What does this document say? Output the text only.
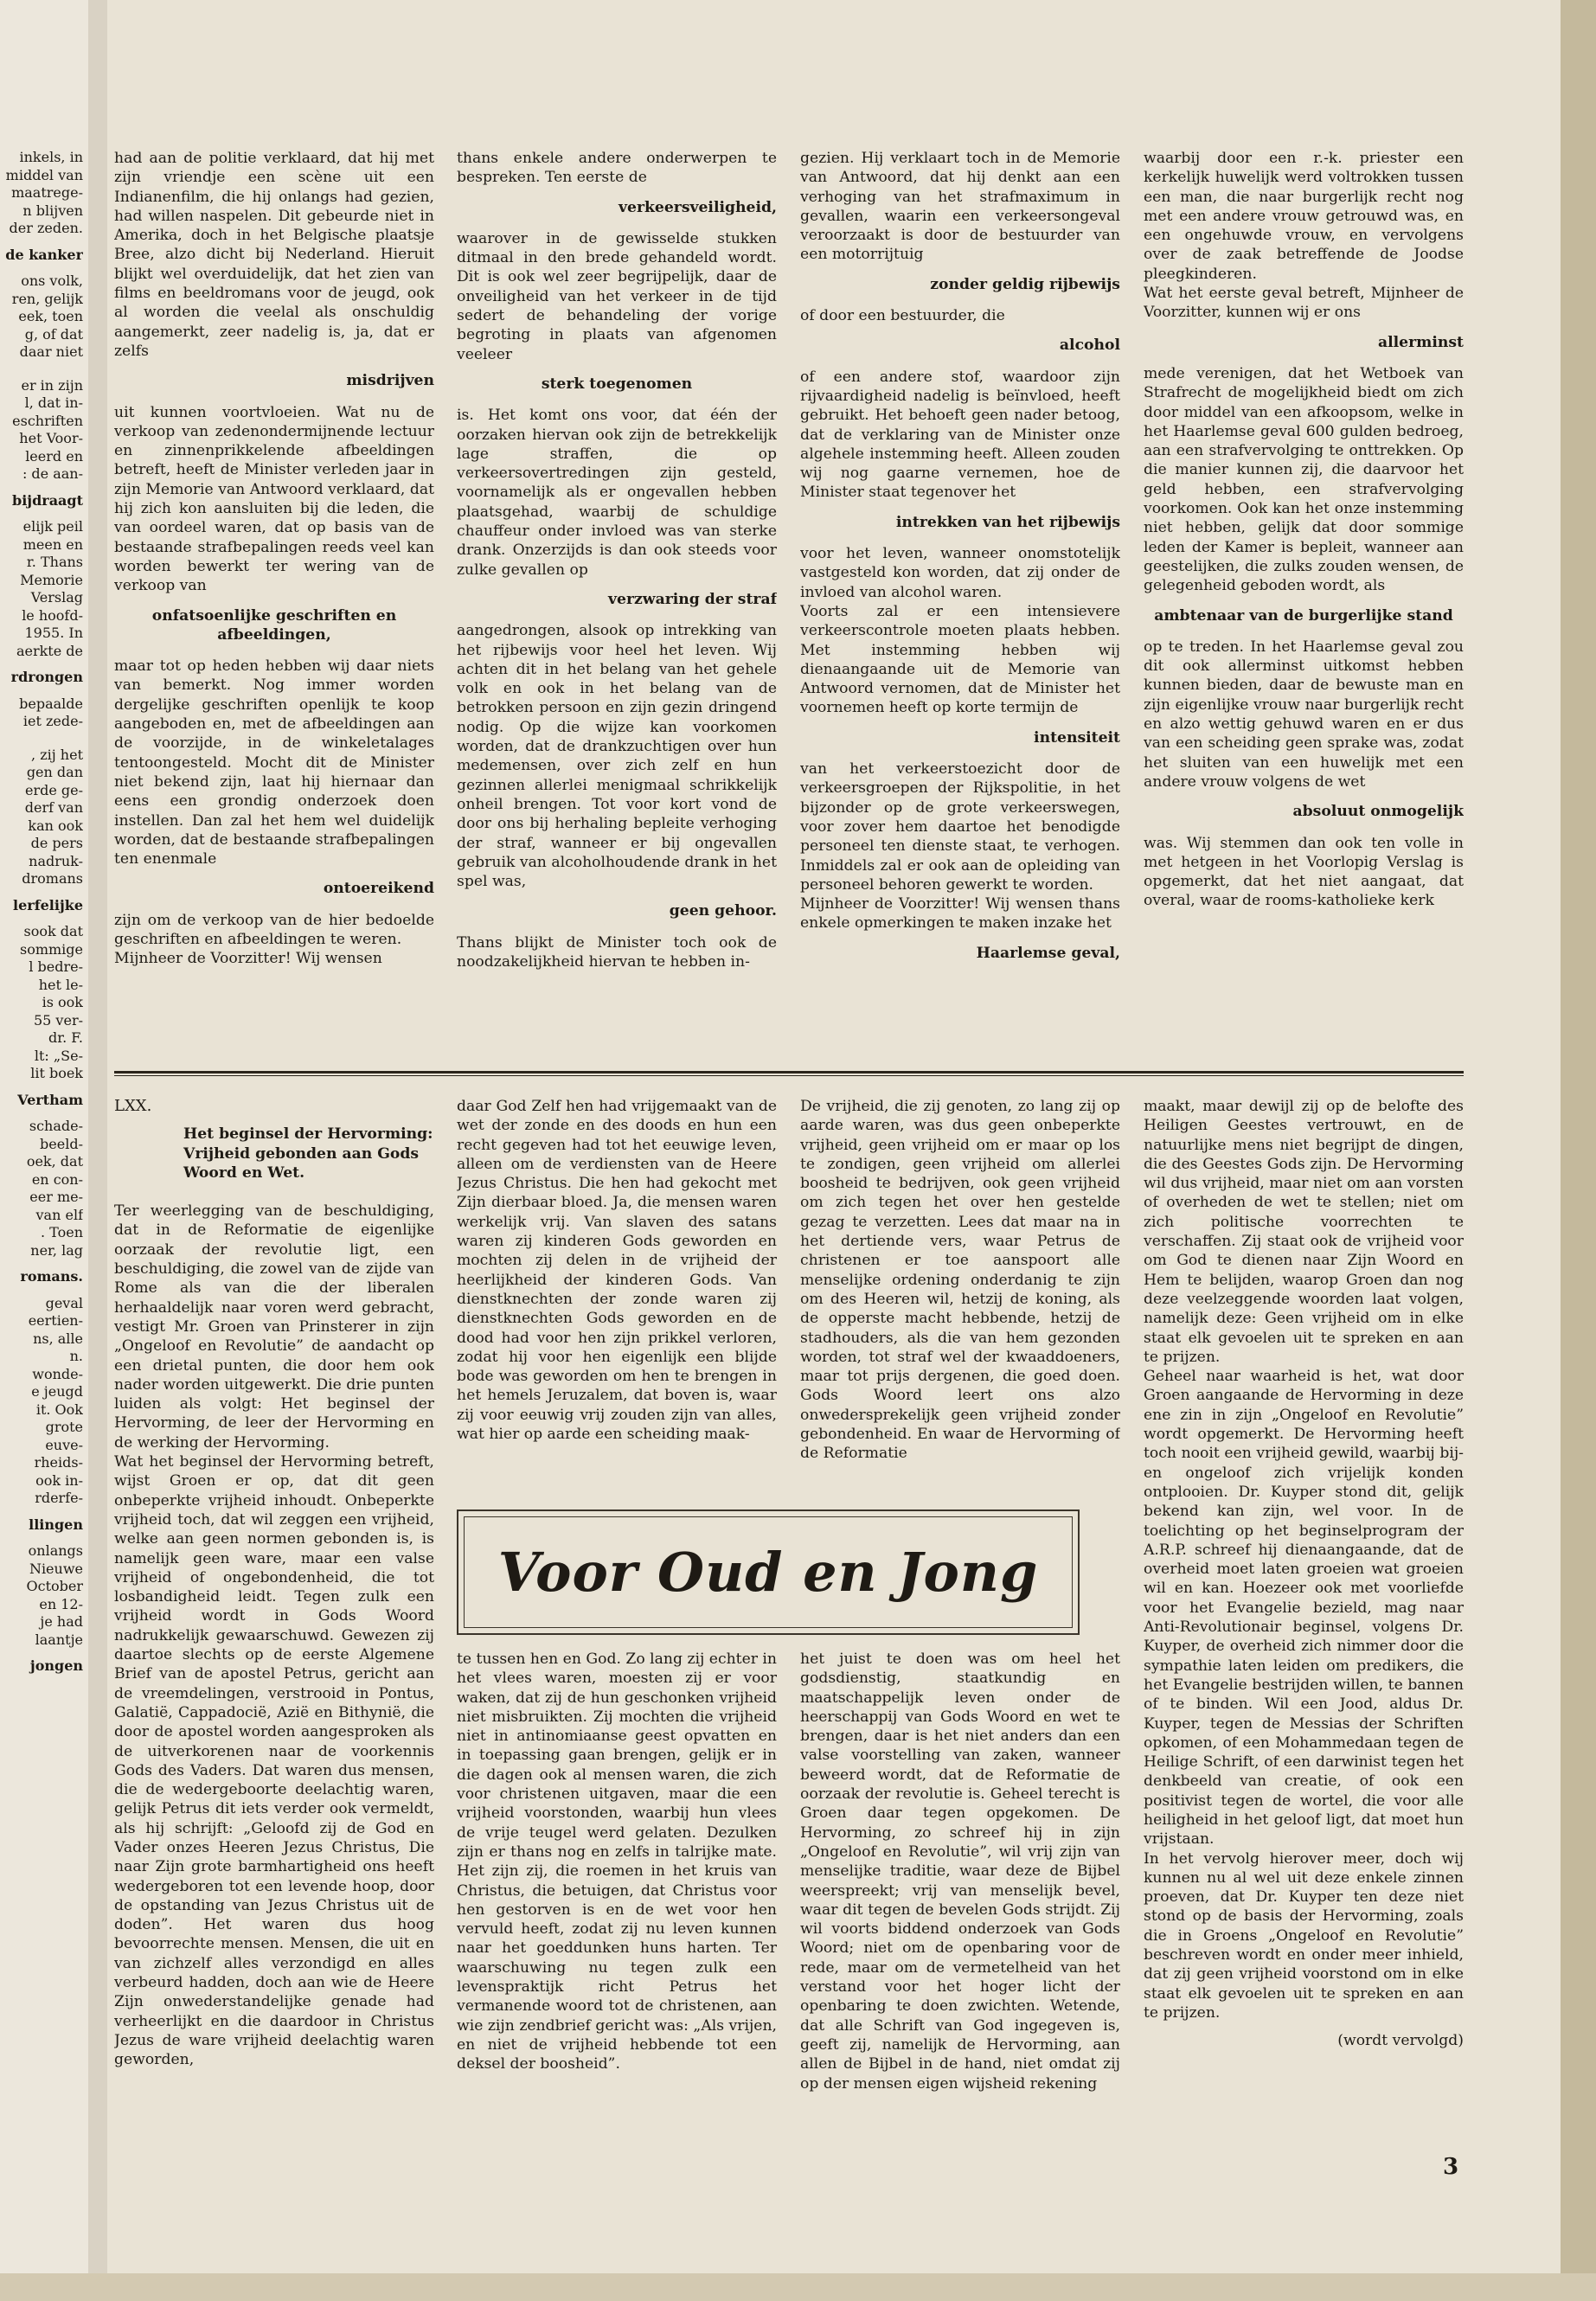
inkels, in

middel van

maatrege-

n blijven

der zeden.

de kanker

ons volk,

ren, gelijk

eek, toen

g, of dat

daar niet

er in zijn

l, dat in-

eschriften

het Voor-

leerd en

: de aan-

bijdraagt

elijk peil

meen en

r. Thans

Memorie

Verslag

le hoofd-

1955. In

aerkte de

rdrongen

bepaalde

iet zede-

, zij het

gen dan

erde ge-

derf van

kan ook

de pers

nadruk-

dromans

lerfelijke

sook dat

sommige

l bedre-

het le-

is ook

55 ver-

dr. F.

lt: „Se-

lit boek

Vertham

schade-

beeld-

oek, dat

en con-

eer me-

van elf

. Toen

ner, lag

romans.

geval

eertien-

ns, alle

n.

wonde-

e jeugd

it. Ook

grote

euve-

rheids-

ook in-

rderfe-

llingen

onlangs

Nieuwe

October

en 12-

je had

laantje

jongen

had aan de politie verklaard, dat hij met zijn vriendje een scène uit een Indianenfilm, die hij onlangs had gezien, had willen naspelen. Dit gebeurde niet in Amerika, doch in het Belgische plaatsje Bree, alzo dicht bij Nederland. Hieruit blijkt wel overduidelijk, dat het zien van films en beeldromans voor de jeugd, ook al worden die veelal als onschuldig aangemerkt, zeer nadelig is, ja, dat er zelfs

misdrijven

uit kunnen voortvloeien. Wat nu de verkoop van zedenondermijnende lectuur en zinnenprikkelende afbeeldingen betreft, heeft de Minister verleden jaar in zijn Memorie van Antwoord verklaard, dat hij zich kon aansluiten bij die leden, die van oordeel waren, dat op basis van de bestaande strafbepalingen reeds veel kan worden bewerkt ter wering van de verkoop van

onfatsoenlijke geschriften en afbeeldingen,

maar tot op heden hebben wij daar niets van bemerkt. Nog immer worden dergelijke geschriften openlijk te koop aangeboden en, met de afbeeldingen aan de voorzijde, in de winkeletalages tentoongesteld. Mocht dit de Minister niet bekend zijn, laat hij hiernaar dan eens een grondig onderzoek doen instellen. Dan zal het hem wel duidelijk worden, dat de bestaande strafbepalingen ten enenmale

ontoereikend

zijn om de verkoop van de hier bedoelde geschriften en afbeeldingen te weren.

Mijnheer de Voorzitter! Wij wensen

thans enkele andere onderwerpen te bespreken. Ten eerste de

verkeersveiligheid,

waarover in de gewisselde stukken ditmaal in den brede gehandeld wordt. Dit is ook wel zeer begrijpelijk, daar de onveiligheid van het verkeer in de tijd sedert de behandeling der vorige begroting in plaats van afgenomen veeleer

sterk toegenomen

is. Het komt ons voor, dat één der oorzaken hiervan ook zijn de betrekkelijk lage straffen, die op verkeersovertredingen zijn gesteld, voornamelijk als er ongevallen hebben plaatsgehad, waarbij de schuldige chauffeur onder invloed was van sterke drank. Onzerzijds is dan ook steeds voor zulke gevallen op

verzwaring der straf

aangedrongen, alsook op intrekking van het rijbewijs voor heel het leven. Wij achten dit in het belang van het gehele volk en ook in het belang van de betrokken persoon en zijn gezin dringend nodig. Op die wijze kan voorkomen worden, dat de drankzuchtigen over hun medemensen, over zich zelf en hun gezinnen allerlei menigmaal schrikkelijk onheil brengen. Tot voor kort vond de door ons bij herhaling bepleite verhoging der straf, wanneer er bij ongevallen gebruik van alcoholhoudende drank in het spel was,

geen gehoor.

Thans blijkt de Minister toch ook de noodzakelijkheid hiervan te hebben in-

gezien. Hij verklaart toch in de Memorie van Antwoord, dat hij denkt aan een verhoging van het strafmaximum in gevallen, waarin een verkeersongeval veroorzaakt is door de bestuurder van een motorrijtuig

zonder geldig rijbewijs

of door een bestuurder, die

alcohol

of een andere stof, waardoor zijn rijvaardigheid nadelig is beïnvloed, heeft gebruikt. Het behoeft geen nader betoog, dat de verklaring van de Minister onze algehele instemming heeft. Alleen zouden wij nog gaarne vernemen, hoe de Minister staat tegenover het

intrekken van het rijbewijs

voor het leven, wanneer onomstotelijk vastgesteld kon worden, dat zij onder de invloed van alcohol waren.

Voorts zal er een intensievere verkeerscontrole moeten plaats hebben. Met instemming hebben wij dienaangaande uit de Memorie van Antwoord vernomen, dat de Minister het voornemen heeft op korte termijn de

intensiteit

van het verkeerstoezicht door de verkeersgroepen der Rijkspolitie, in het bijzonder op de grote verkeerswegen, voor zover hem daartoe het benodigde personeel ten dienste staat, te verhogen. Inmiddels zal er ook aan de opleiding van personeel behoren gewerkt te worden.

Mijnheer de Voorzitter! Wij wensen thans enkele opmerkingen te maken inzake het

Haarlemse geval,

waarbij door een r.-k. priester een kerkelijk huwelijk werd voltrokken tussen een man, die naar burgerlijk recht nog met een andere vrouw getrouwd was, en een ongehuwde vrouw, en vervolgens over de zaak betreffende de Joodse pleegkinderen.

Wat het eerste geval betreft, Mijnheer de Voorzitter, kunnen wij er ons

allerminst

mede verenigen, dat het Wetboek van Strafrecht de mogelijkheid biedt om zich door middel van een afkoopsom, welke in het Haarlemse geval 600 gulden bedroeg, aan een strafvervolging te onttrekken. Op die manier kunnen zij, die daarvoor het geld hebben, een strafvervolging voorkomen. Ook kan het onze instemming niet hebben, gelijk dat door sommige leden der Kamer is bepleit, wanneer aan geestelijken, die zulks zouden wensen, de gelegenheid geboden wordt, als

ambtenaar van de burgerlijke stand

op te treden. In het Haarlemse geval zou dit ook allerminst uitkomst hebben kunnen bieden, daar de bewuste man en zijn eigenlijke vrouw naar burgerlijk recht en alzo wettig gehuwd waren en er dus van een scheiding geen sprake was, zodat het sluiten van een huwelijk met een andere vrouw volgens de wet

absoluut onmogelijk

was. Wij stemmen dan ook ten volle in met hetgeen in het Voorlopig Verslag is opgemerkt, dat het niet aangaat, dat overal, waar de rooms-katholieke kerk

LXX.

Het beginsel der Hervorming: Vrijheid gebonden aan Gods Woord en Wet.

Ter weerlegging van de beschuldiging, dat in de Reformatie de eigenlijke oorzaak der revolutie ligt, een beschuldiging, die zowel van de zijde van Rome als van die der liberalen herhaaldelijk naar voren werd gebracht, vestigt Mr. Groen van Prinsterer in zijn „Ongeloof en Revolutie” de aandacht op een drietal punten, die door hem ook nader worden uitgewerkt. Die drie punten luiden als volgt: Het beginsel der Hervorming, de leer der Hervorming en de werking der Hervorming.

Wat het beginsel der Hervorming betreft, wijst Groen er op, dat dit geen onbeperkte vrijheid inhoudt. Onbeperkte vrijheid toch, dat wil zeggen een vrijheid, welke aan geen normen gebonden is, is namelijk geen ware, maar een valse vrijheid of ongebondenheid, die tot losbandigheid leidt. Tegen zulk een vrijheid wordt in Gods Woord nadrukkelijk gewaarschuwd. Gewezen zij daartoe slechts op de eerste Algemene Brief van de apostel Petrus, gericht aan de vreemdelingen, verstrooid in Pontus, Galatië, Cappadocië, Azië en Bithynië, die door de apostel worden aangesproken als de uitverkorenen naar de voorkennis Gods des Vaders. Dat waren dus mensen, die de wedergeboorte deelachtig waren, gelijk Petrus dit iets verder ook vermeldt, als hij schrijft: „Geloofd zij de God en Vader onzes Heeren Jezus Christus, Die naar Zijn grote barmhartigheid ons heeft wedergeboren tot een levende hoop, door de opstanding van Jezus Christus uit de doden”. Het waren dus hoog bevoorrechte mensen. Mensen, die uit en van zichzelf alles verzondigd en alles verbeurd hadden, doch aan wie de Heere Zijn onwederstandelijke genade had verheerlijkt en die daardoor in Christus Jezus de ware vrijheid deelachtig waren geworden,

daar God Zelf hen had vrijgemaakt van de wet der zonde en des doods en hun een recht gegeven had tot het eeuwige leven, alleen om de verdiensten van de Heere Jezus Christus. Die hen had gekocht met Zijn dierbaar bloed. Ja, die mensen waren werkelijk vrij. Van slaven des satans waren zij kinderen Gods geworden en mochten zij delen in de vrijheid der heerlijkheid der kinderen Gods. Van dienstknechten der zonde waren zij dienstknechten Gods geworden en de dood had voor hen zijn prikkel verloren, zodat hij voor hen eigenlijk een blijde bode was geworden om hen te brengen in het hemels Jeruzalem, dat boven is, waar zij voor eeuwig vrij zouden zijn van alles, wat hier op aarde een scheiding maak-

De vrijheid, die zij genoten, zo lang zij op aarde waren, was dus geen onbeperkte vrijheid, geen vrijheid om er maar op los te zondigen, geen vrijheid om allerlei boosheid te bedrijven, ook geen vrijheid om zich tegen het over hen gestelde gezag te verzetten. Lees dat maar na in het dertiende vers, waar Petrus de christenen er toe aanspoort alle menselijke ordening onderdanig te zijn om des Heeren wil, hetzij de koning, als de opperste macht hebbende, hetzij de stadhouders, als die van hem gezonden worden, tot straf wel der kwaaddoeners, maar tot prijs dergenen, die goed doen. Gods Woord leert ons alzo onwedersprekelijk geen vrijheid zonder gebondenheid. En waar de Hervorming of de Reformatie

maakt, maar dewijl zij op de belofte des Heiligen Geestes vertrouwt, en de natuurlijke mens niet begrijpt de dingen, die des Geestes Gods zijn. De Hervorming wil dus vrijheid, maar niet om aan vorsten of overheden de wet te stellen; niet om zich politische voorrechten te verschaffen. Zij staat ook de vrijheid voor om God te dienen naar Zijn Woord en Hem te belijden, waarop Groen dan nog deze veelzeggende woorden laat volgen, namelijk deze: Geen vrijheid om in elke staat elk gevoelen uit te spreken en aan te prijzen.

Geheel naar waarheid is het, wat door Groen aangaande de Hervorming in deze ene zin in zijn „Ongeloof en Revolutie” wordt opgemerkt. De Hervorming heeft toch nooit een vrijheid gewild, waarbij bij- en ongeloof zich vrijelijk konden ontplooien. Dr. Kuyper stond dit, gelijk bekend kan zijn, wel voor. In de toelichting op het beginselprogram der A.R.P. schreef hij dienaangaande, dat de overheid moet laten groeien wat groeien wil en kan. Hoezeer ook met voorliefde voor het Evangelie bezield, mag naar Anti-Revolutionair beginsel, volgens Dr. Kuyper, de overheid zich nimmer door die sympathie laten leiden om predikers, die het Evangelie bestrijden willen, te bannen of te binden. Wil een Jood, aldus Dr. Kuyper, tegen de Messias der Schriften opkomen, of een Mohammedaan tegen de Heilige Schrift, of een darwinist tegen het denkbeeld van creatie, of ook een positivist tegen de wortel, die voor alle heiligheid in het geloof ligt, dat moet hun vrijstaan.

In het vervolg hierover meer, doch wij kunnen nu al wel uit deze enkele zinnen proeven, dat Dr. Kuyper ten deze niet stond op de basis der Hervorming, zoals die in Groens „Ongeloof en Revolutie” beschreven wordt en onder meer inhield, dat zij geen vrijheid voorstond om in elke staat elk gevoelen uit te spreken en aan te prijzen.

(wordt vervolgd)

Voor Oud en Jong

te tussen hen en God. Zo lang zij echter in het vlees waren, moesten zij er voor waken, dat zij de hun geschonken vrijheid niet misbruikten. Zij mochten die vrijheid niet in antinomiaanse geest opvatten en in toepassing gaan brengen, gelijk er in die dagen ook al mensen waren, die zich voor christenen uitgaven, maar die een vrijheid voorstonden, waarbij hun vlees de vrije teugel werd gelaten. Dezulken zijn er thans nog en zelfs in talrijke mate. Het zijn zij, die roemen in het kruis van Christus, die betuigen, dat Christus voor hen gestorven is en de wet voor hen vervuld heeft, zodat zij nu leven kunnen naar het goeddunken huns harten. Ter waarschuwing nu tegen zulk een levenspraktijk richt Petrus het vermanende woord tot de christenen, aan wie zijn zendbrief gericht was: „Als vrijen, en niet de vrijheid hebbende tot een deksel der boosheid”.

het juist te doen was om heel het godsdienstig, staatkundig en maatschappelijk leven onder de heerschappij van Gods Woord en wet te brengen, daar is het niet anders dan een valse voorstelling van zaken, wanneer beweerd wordt, dat de Reformatie de oorzaak der revolutie is. Geheel terecht is Groen daar tegen opgekomen. De Hervorming, zo schreef hij in zijn „Ongeloof en Revolutie”, wil vrij zijn van menselijke traditie, waar deze de Bijbel weerspreekt; vrij van menselijk bevel, waar dit tegen de bevelen Gods strijdt. Zij wil voorts biddend onderzoek van Gods Woord; niet om de openbaring voor de rede, maar om de vermetelheid van het verstand voor het hoger licht der openbaring te doen zwichten. Wetende, dat alle Schrift van God ingegeven is, geeft zij, namelijk de Hervorming, aan allen de Bijbel in de hand, niet omdat zij op der mensen eigen wijsheid rekening

3
